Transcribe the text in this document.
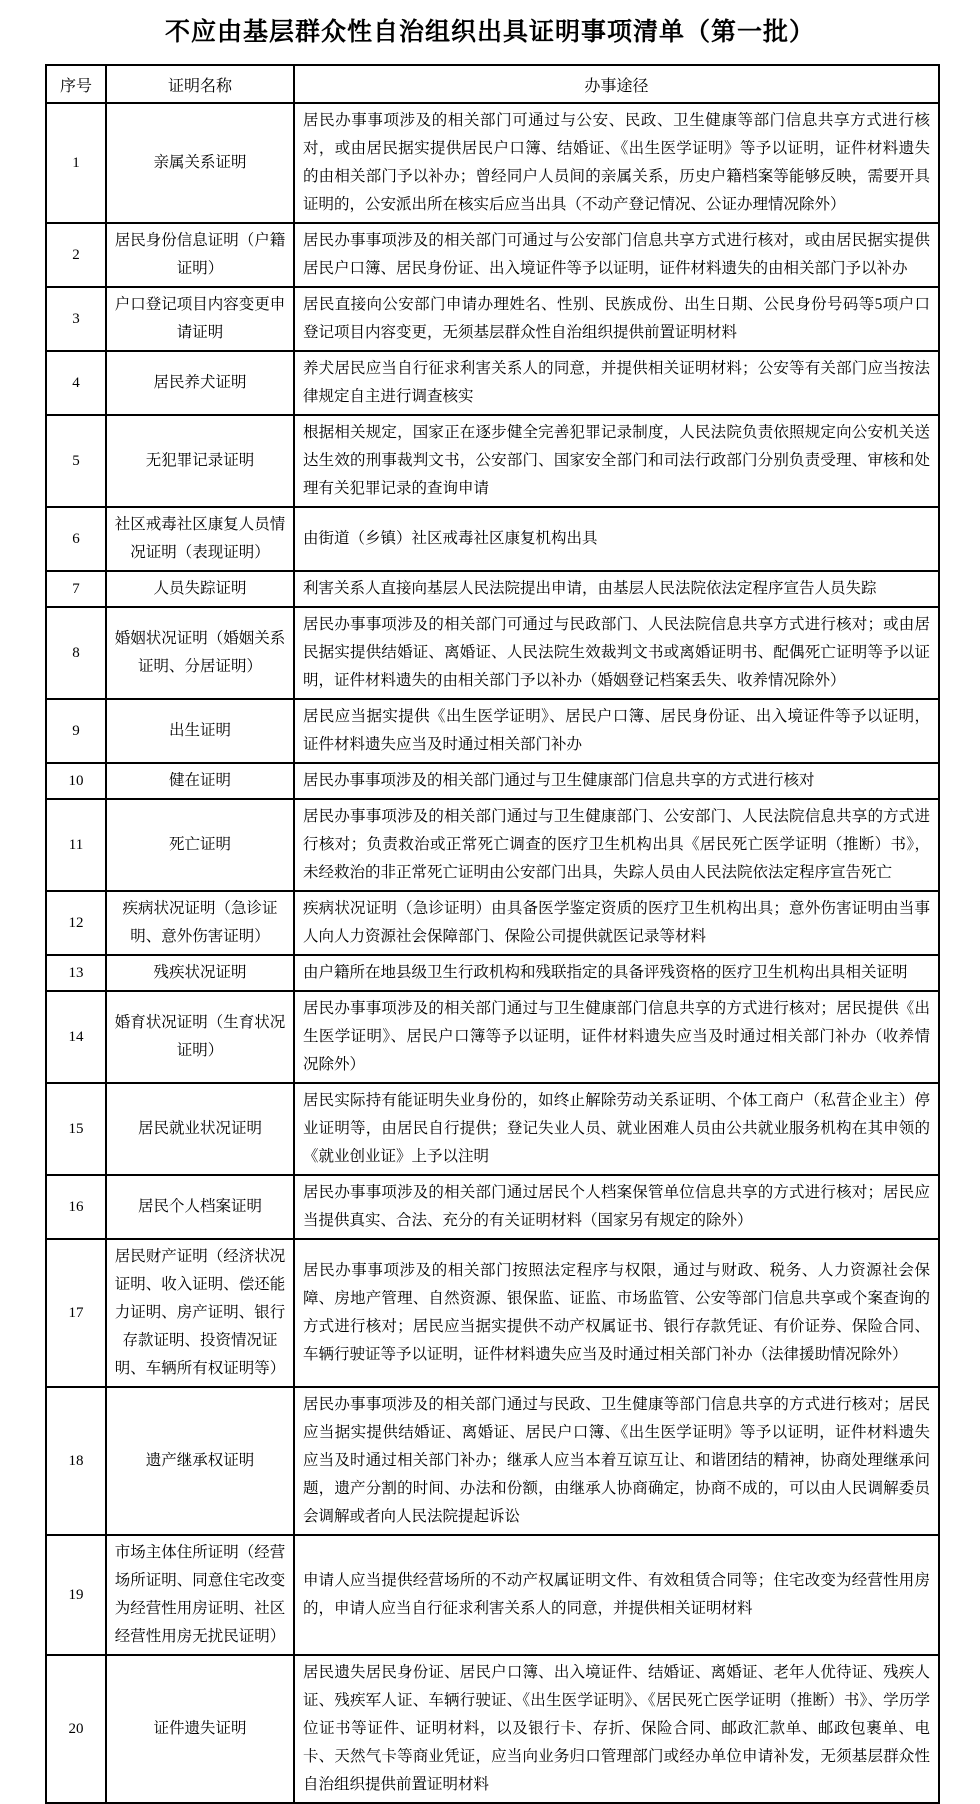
不应由基层群众性自治组织出具证明事项清单（第一批）
序号	证明名称	办事途径
1	亲属关系证明	居民办事事项涉及的相关部门可通过与公安、民政、卫生健康等部门信息共享方式进行核对，或由居民据实提供居民户口簿、结婚证、《出生医学证明》等予以证明，证件材料遗失的由相关部门予以补办；曾经同户人员间的亲属关系，历史户籍档案等能够反映，需要开具证明的，公安派出所在核实后应当出具（不动产登记情况、公证办理情况除外）
2	居民身份信息证明（户籍证明）	居民办事事项涉及的相关部门可通过与公安部门信息共享方式进行核对，或由居民据实提供居民户口簿、居民身份证、出入境证件等予以证明，证件材料遗失的由相关部门予以补办
3	户口登记项目内容变更申请证明	居民直接向公安部门申请办理姓名、性别、民族成份、出生日期、公民身份号码等5项户口登记项目内容变更，无须基层群众性自治组织提供前置证明材料
4	居民养犬证明	养犬居民应当自行征求利害关系人的同意，并提供相关证明材料；公安等有关部门应当按法律规定自主进行调查核实
5	无犯罪记录证明	根据相关规定，国家正在逐步健全完善犯罪记录制度，人民法院负责依照规定向公安机关送达生效的刑事裁判文书，公安部门、国家安全部门和司法行政部门分别负责受理、审核和处理有关犯罪记录的查询申请
6	社区戒毒社区康复人员情况证明（表现证明）	由街道（乡镇）社区戒毒社区康复机构出具
7	人员失踪证明	利害关系人直接向基层人民法院提出申请，由基层人民法院依法定程序宣告人员失踪
8	婚姻状况证明（婚姻关系证明、分居证明）	居民办事事项涉及的相关部门可通过与民政部门、人民法院信息共享方式进行核对；或由居民据实提供结婚证、离婚证、人民法院生效裁判文书或离婚证明书、配偶死亡证明等予以证明，证件材料遗失的由相关部门予以补办（婚姻登记档案丢失、收养情况除外）
9	出生证明	居民应当据实提供《出生医学证明》、居民户口簿、居民身份证、出入境证件等予以证明，证件材料遗失应当及时通过相关部门补办
10	健在证明	居民办事事项涉及的相关部门通过与卫生健康部门信息共享的方式进行核对
11	死亡证明	居民办事事项涉及的相关部门通过与卫生健康部门、公安部门、人民法院信息共享的方式进行核对；负责救治或正常死亡调查的医疗卫生机构出具《居民死亡医学证明（推断）书》，未经救治的非正常死亡证明由公安部门出具，失踪人员由人民法院依法定程序宣告死亡
12	疾病状况证明（急诊证明、意外伤害证明）	疾病状况证明（急诊证明）由具备医学鉴定资质的医疗卫生机构出具；意外伤害证明由当事人向人力资源社会保障部门、保险公司提供就医记录等材料
13	残疾状况证明	由户籍所在地县级卫生行政机构和残联指定的具备评残资格的医疗卫生机构出具相关证明
14	婚育状况证明（生育状况证明）	居民办事事项涉及的相关部门通过与卫生健康部门信息共享的方式进行核对；居民提供《出生医学证明》、居民户口簿等予以证明，证件材料遗失应当及时通过相关部门补办（收养情况除外）
15	居民就业状况证明	居民实际持有能证明失业身份的，如终止解除劳动关系证明、个体工商户（私营企业主）停业证明等，由居民自行提供；登记失业人员、就业困难人员由公共就业服务机构在其申领的《就业创业证》上予以注明
16	居民个人档案证明	居民办事事项涉及的相关部门通过居民个人档案保管单位信息共享的方式进行核对；居民应当提供真实、合法、充分的有关证明材料（国家另有规定的除外）
17	居民财产证明（经济状况证明、收入证明、偿还能力证明、房产证明、银行存款证明、投资情况证明、车辆所有权证明等）	居民办事事项涉及的相关部门按照法定程序与权限，通过与财政、税务、人力资源社会保障、房地产管理、自然资源、银保监、证监、市场监管、公安等部门信息共享或个案查询的方式进行核对；居民应当据实提供不动产权属证书、银行存款凭证、有价证券、保险合同、车辆行驶证等予以证明，证件材料遗失应当及时通过相关部门补办（法律援助情况除外）
18	遗产继承权证明	居民办事事项涉及的相关部门通过与民政、卫生健康等部门信息共享的方式进行核对；居民应当据实提供结婚证、离婚证、居民户口簿、《出生医学证明》等予以证明，证件材料遗失应当及时通过相关部门补办；继承人应当本着互谅互让、和谐团结的精神，协商处理继承问题，遗产分割的时间、办法和份额，由继承人协商确定，协商不成的，可以由人民调解委员会调解或者向人民法院提起诉讼
19	市场主体住所证明（经营场所证明、同意住宅改变为经营性用房证明、社区经营性用房无扰民证明）	申请人应当提供经营场所的不动产权属证明文件、有效租赁合同等；住宅改变为经营性用房的，申请人应当自行征求利害关系人的同意，并提供相关证明材料
20	证件遗失证明	居民遗失居民身份证、居民户口簿、出入境证件、结婚证、离婚证、老年人优待证、残疾人证、残疾军人证、车辆行驶证、《出生医学证明》、《居民死亡医学证明（推断）书》、学历学位证书等证件、证明材料，以及银行卡、存折、保险合同、邮政汇款单、邮政包裹单、电卡、天然气卡等商业凭证，应当向业务归口管理部门或经办单位申请补发，无须基层群众性自治组织提供前置证明材料
